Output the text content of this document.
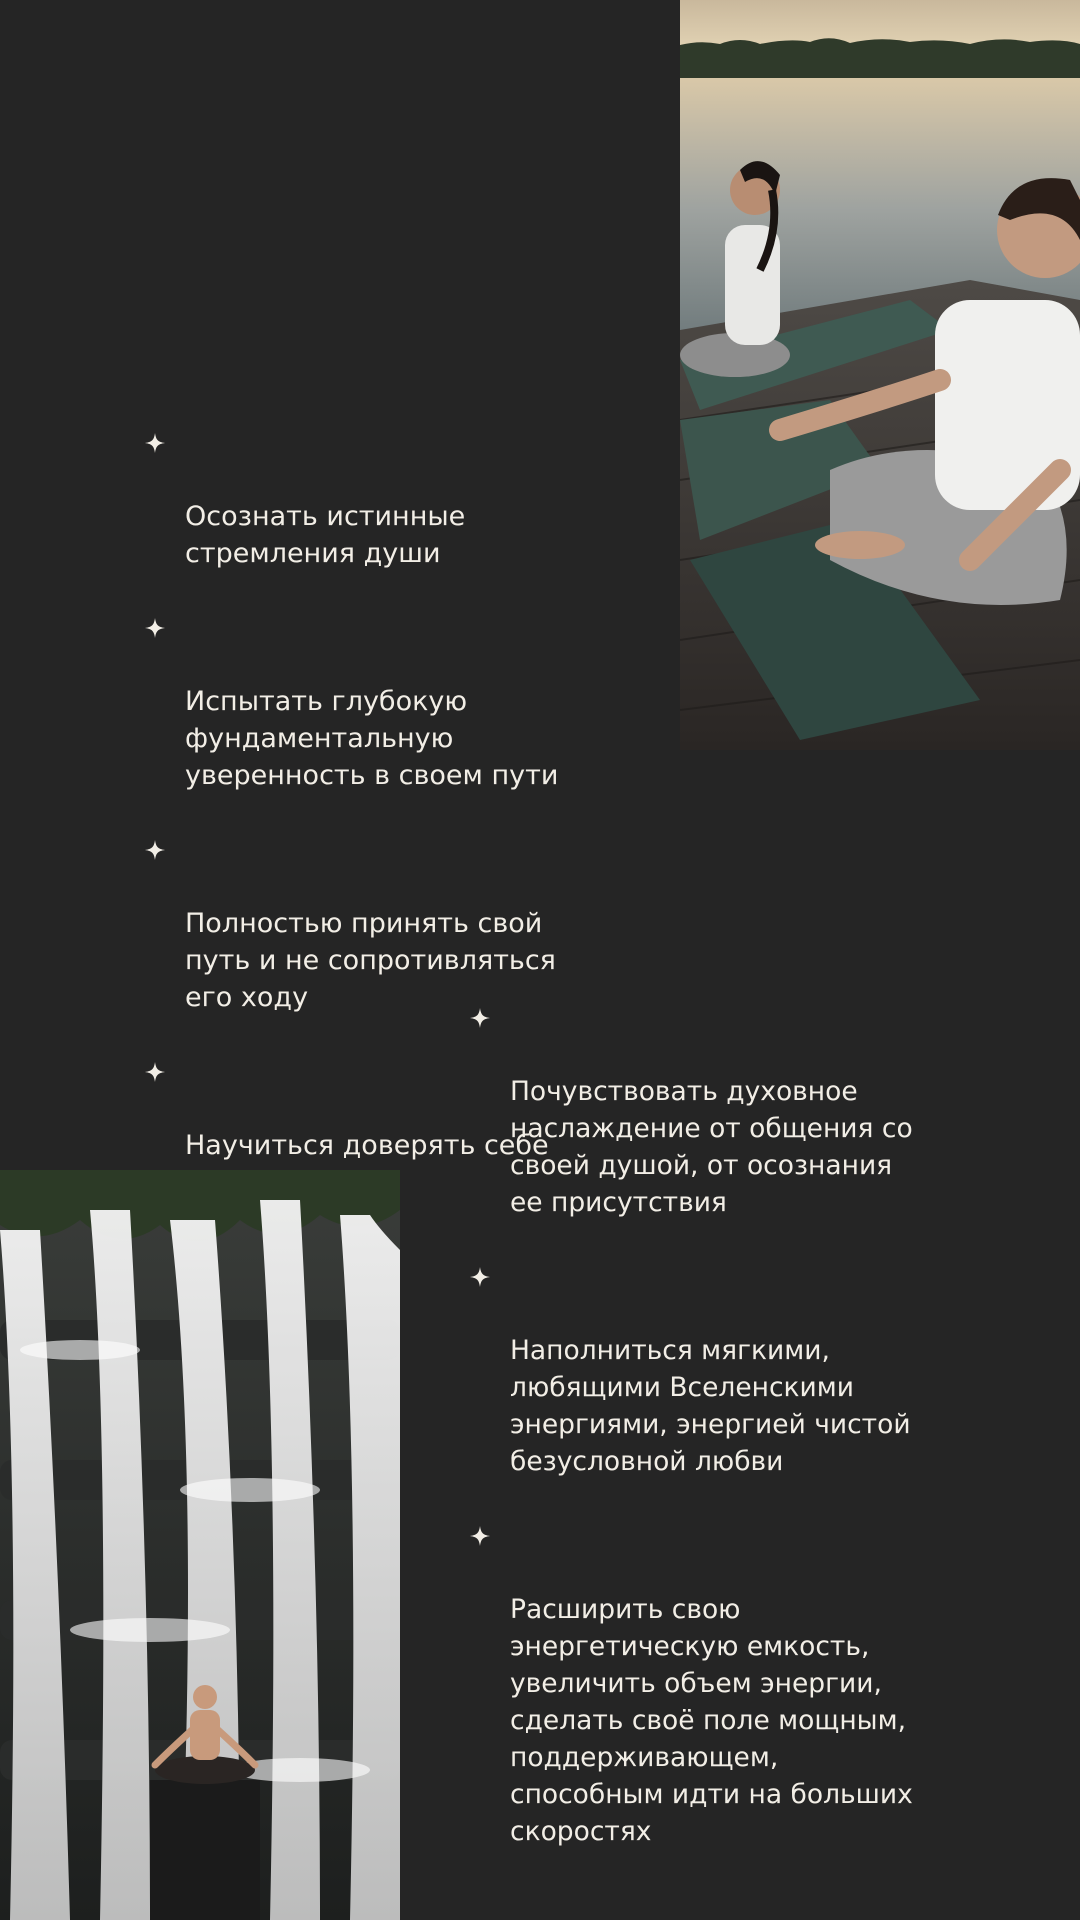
Осознать истинные
стремления души

Испытать глубокую
фундаментальную
уверенность в своем пути

Полностью принять свой
путь и не сопротивляться
его ходу

Научиться доверять себе

Почувствовать духовное
наслаждение от общения со
своей душой, от осознания
ее присутствия

Наполниться мягкими,
любящими Вселенскими
энергиями, энергией чистой
безусловной любви

Расширить свою
энергетическую емкость,
увеличить объем энергии,
сделать своё поле мощным,
поддерживающем,
способным идти на больших
скоростях
